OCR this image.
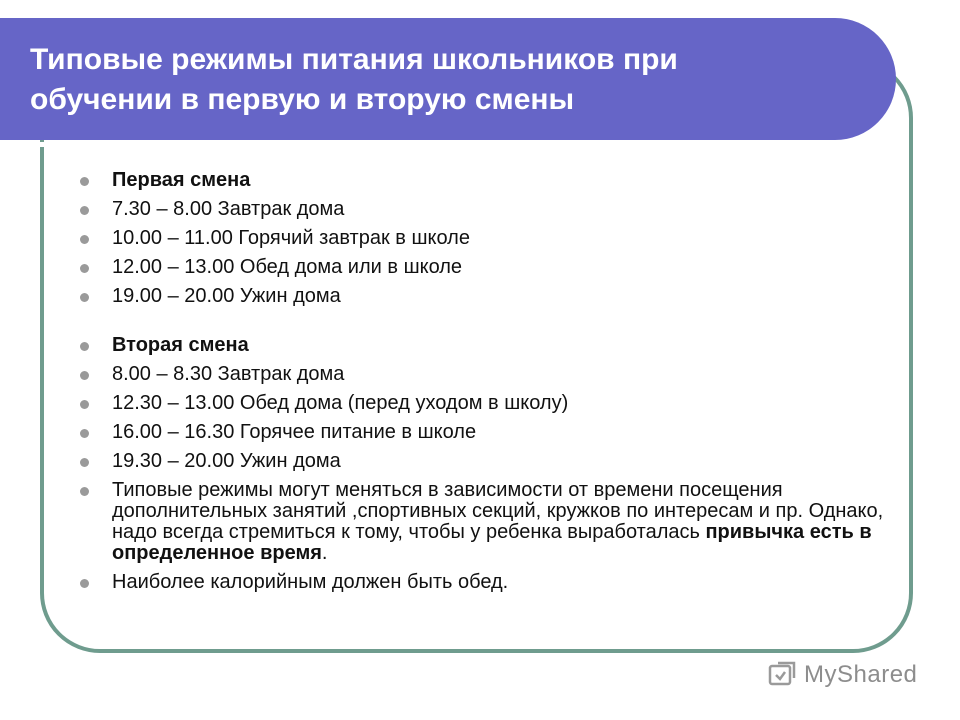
Типовые режимы питания школьников при
обучении в первую и вторую смены
Первая смена
7.30 – 8.00 Завтрак дома
10.00 – 11.00 Горячий завтрак в школе
12.00 – 13.00 Обед дома или в школе
19.00 – 20.00 Ужин дома
Вторая смена
8.00 – 8.30 Завтрак дома
12.30 – 13.00 Обед дома (перед уходом в школу)
16.00 – 16.30 Горячее питание в школе
19.30 – 20.00 Ужин дома
Типовые режимы могут меняться в зависимости от времени посещения дополнительных занятий ,спортивных секций, кружков по интересам и пр. Однако, надо всегда стремиться к тому, чтобы у ребенка выработалась привычка есть в определенное время.
Наиболее калорийным должен быть обед.
MyShared
